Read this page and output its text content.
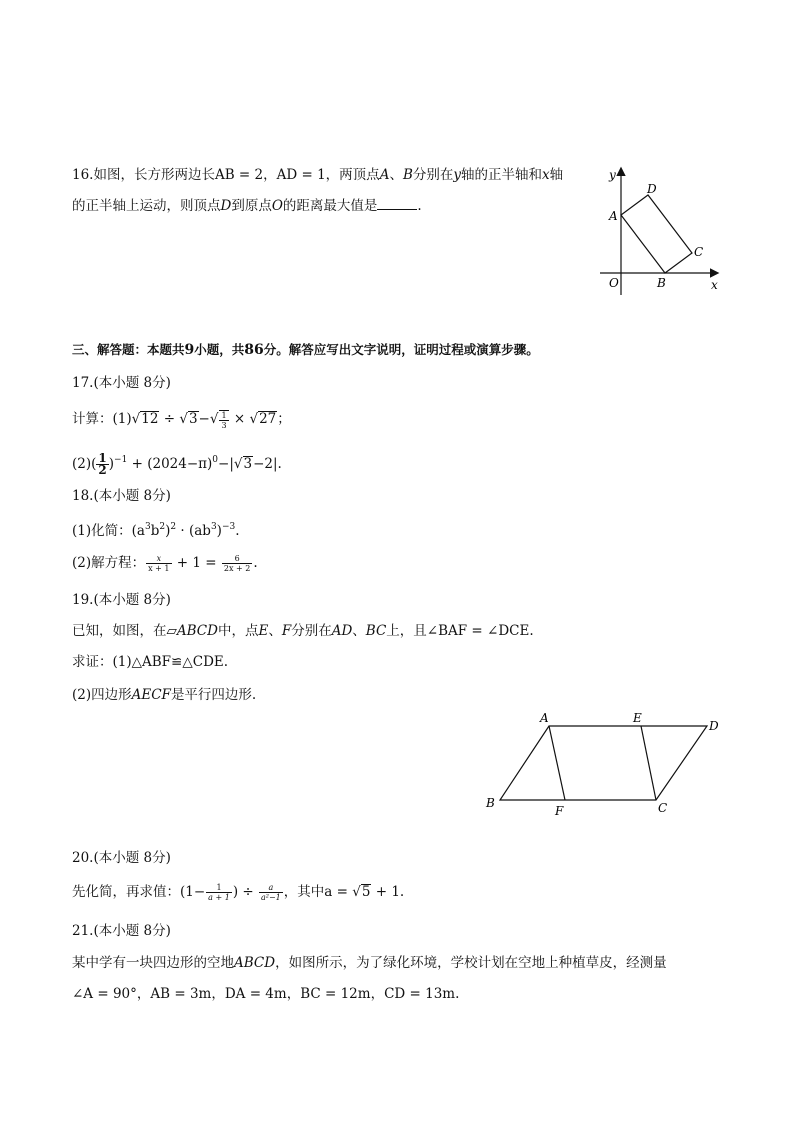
16.如图，长方形两边长AB = 2，AD = 1，两顶点A、B分别在y轴的正半轴和x轴
的正半轴上运动，则顶点D到原点O的距离最大值是	.
y
x
O
A
B
C
D
三、解答题：本题共9小题，共86分。解答应写出文字说明，证明过程或演算步骤。
17.(本小题 8分)
计算：$(1)√12 \div √3-√ \frac{1}{3} \times √27$；
$(2)( \frac{1}{2})^{-1} + (2024-\pi)^0-|√3-2|$.
18.(本小题 8分)
(1)化简：$(a^3b^2)^2 \cdot (ab^3)^{-3}$.
(2)解方程： $\frac{x}{x + 1} + 1 = \frac{6}{2x + 2}$ .
19.(本小题 8分)
已知，如图，在▱ABCD中，点E、F分别在AD、BC上，且∠BAF = ∠DCE.
求证：(1)△ABF≌△CDE.
(2)四边形AECF是平行四边形.
A	E
D
B
F	C
20.(本小题 8分)
先化简，再求值：($1- \frac{1}{a + 1}$ ) ÷ $\frac{a}{\text{a²−1}}$ ，其中a = √5 + 1.
21.(本小题 8分)
某中学有一块四边形的空地ABCD，如图所示，为了绿化环境，学校计划在空地上种植草皮，经测量
∠A = 90°，AB = 3m，DA = 4m，BC = 12m，CD = 13m.
